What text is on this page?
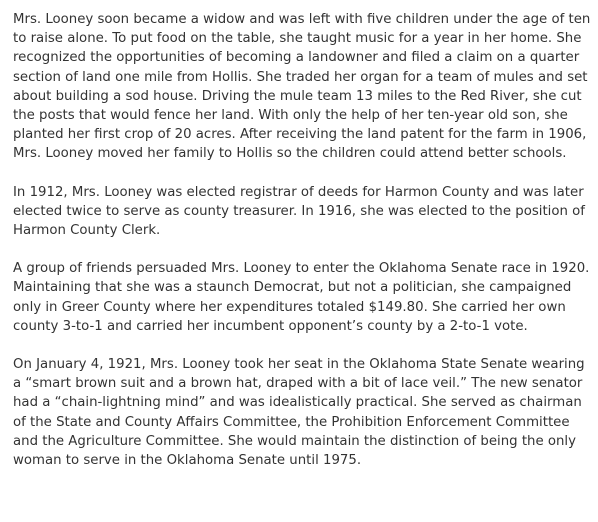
Mrs. Looney soon became a widow and was left with five children under the age of ten to raise alone. To put food on the table, she taught music for a year in her home. She recognized the opportunities of becoming a landowner and filed a claim on a quarter section of land one mile from Hollis. She traded her organ for a team of mules and set about building a sod house. Driving the mule team 13 miles to the Red River, she cut the posts that would fence her land. With only the help of her ten-year old son, she planted her first crop of 20 acres. After receiving the land patent for the farm in 1906, Mrs. Looney moved her family to Hollis so the children could attend better schools.

In 1912, Mrs. Looney was elected registrar of deeds for Harmon County and was later elected twice to serve as county treasurer. In 1916, she was elected to the position of Harmon County Clerk.

A group of friends persuaded Mrs. Looney to enter the Oklahoma Senate race in 1920. Maintaining that she was a staunch Democrat, but not a politician, she campaigned only in Greer County where her expenditures totaled $149.80. She carried her own county 3-to-1 and carried her incumbent opponent’s county by a 2-to-1 vote.

On January 4, 1921, Mrs. Looney took her seat in the Oklahoma State Senate wearing a “smart brown suit and a brown hat, draped with a bit of lace veil.” The new senator had a “chain-lightning mind” and was idealistically practical. She served as chairman of the State and County Affairs Committee, the Prohibition Enforcement Committee and the Agriculture Committee. She would maintain the distinction of being the only woman to serve in the Oklahoma Senate until 1975.
